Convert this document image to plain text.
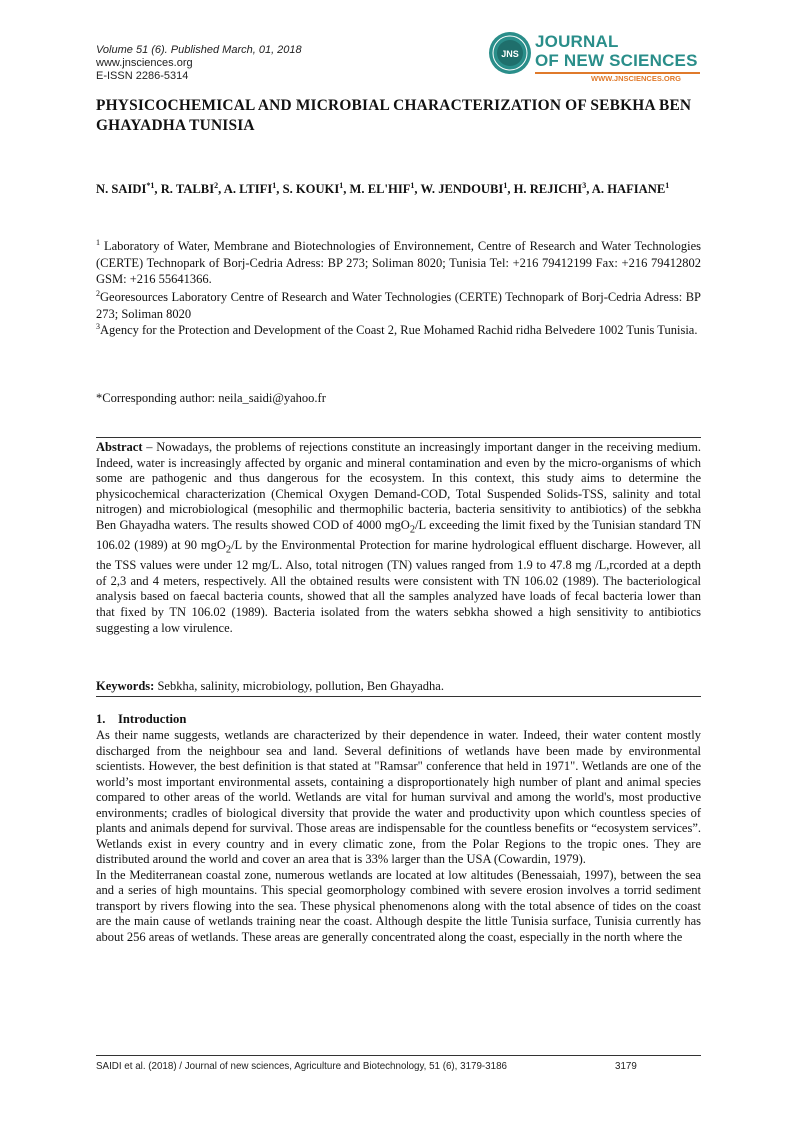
Volume 51 (6). Published March, 01, 2018
www.jnsciences.org
E-ISSN 2286-5314
JNS
JOURNAL
OF NEW SCIENCES
WWW.JNSCIENCES.ORG
PHYSICOCHEMICAL AND MICROBIAL CHARACTERIZATION OF SEBKHA BEN GHAYADHA TUNISIA
N. SAIDI$^{*1}$, R. TALBI$^2$, A. LTIFI$^1$, S. KOUKI$^1$, M. EL'HIF$^1$, W. JENDOUBI$^1$, H. REJICHI$^3$, A. HAFIANE$^1$
$^1$ Laboratory of Water, Membrane and Biotechnologies of Environnement, Centre of Research and Water Technologies (CERTE) Technopark of Borj-Cedria Adress: BP 273; Soliman 8020; Tunisia Tel: +216 79412199 Fax: +216 79412802 GSM: +216 55641366.
$^2$Georesources Laboratory Centre of Research and Water Technologies (CERTE) Technopark of Borj-Cedria Adress: BP 273; Soliman 8020
$^3$Agency for the Protection and Development of the Coast 2, Rue Mohamed Rachid ridha Belvedere 1002 Tunis Tunisia.
*Corresponding author: neila_saidi@yahoo.fr
Abstract – Nowadays, the problems of rejections constitute an increasingly important danger in the receiving medium. Indeed, water is increasingly affected by organic and mineral contamination and even by the micro-organisms of which some are pathogenic and thus dangerous for the ecosystem. In this context, this study aims to determine the physicochemical characterization (Chemical Oxygen Demand-COD, Total Suspended Solids-TSS, salinity and total nitrogen) and microbiological (mesophilic and thermophilic bacteria, bacteria sensitivity to antibiotics) of the sebkha Ben Ghayadha waters. The results showed COD of 4000 mgO$_2$/L exceeding the limit fixed by the Tunisian standard TN 106.02 (1989) at 90 mgO$_2$/L by the Environmental Protection for marine hydrological effluent discharge. However, all the TSS values were under 12 mg/L. Also, total nitrogen (TN) values ranged from 1.9 to 47.8 mg /L,rcorded at a depth of 2,3 and 4 meters, respectively. All the obtained results were consistent with TN 106.02 (1989). The bacteriological analysis based on faecal bacteria counts, showed that all the samples analyzed have loads of fecal bacteria lower than that fixed by TN 106.02 (1989). Bacteria isolated from the waters sebkha showed a high sensitivity to antibiotics suggesting a low virulence.
Keywords: Sebkha, salinity, microbiology, pollution, Ben Ghayadha.
1. Introduction

As their name suggests, wetlands are characterized by their dependence in water. Indeed, their water content mostly discharged from the neighbour sea and land. Several definitions of wetlands have been made by environmental scientists. However, the best definition is that stated at "Ramsar" conference that held in 1971". Wetlands are one of the world’s most important environmental assets, containing a disproportionately high number of plant and animal species compared to other areas of the world. Wetlands are vital for human survival and among the world's, most productive environments; cradles of biological diversity that provide the water and productivity upon which countless species of plants and animals depend for survival. Those areas are indispensable for the countless benefits or “ecosystem services”. Wetlands exist in every country and in every climatic zone, from the Polar Regions to the tropic ones. They are distributed around the world and cover an area that is 33% larger than the USA (Cowardin, 1979).

In the Mediterranean coastal zone, numerous wetlands are located at low altitudes (Benessaiah, 1997), between the sea and a series of high mountains. This special geomorphology combined with severe erosion involves a torrid sediment transport by rivers flowing into the sea. These physical phenomenons along with the total absence of tides on the coast are the main cause of wetlands training near the coast. Although despite the little Tunisia surface, Tunisia currently has about 256 areas of wetlands. These areas are generally concentrated along the coast, especially in the north where the

SAIDI et al. (2018) / Journal of new sciences, Agriculture and Biotechnology, 51 (6), 3179-3186	3179
